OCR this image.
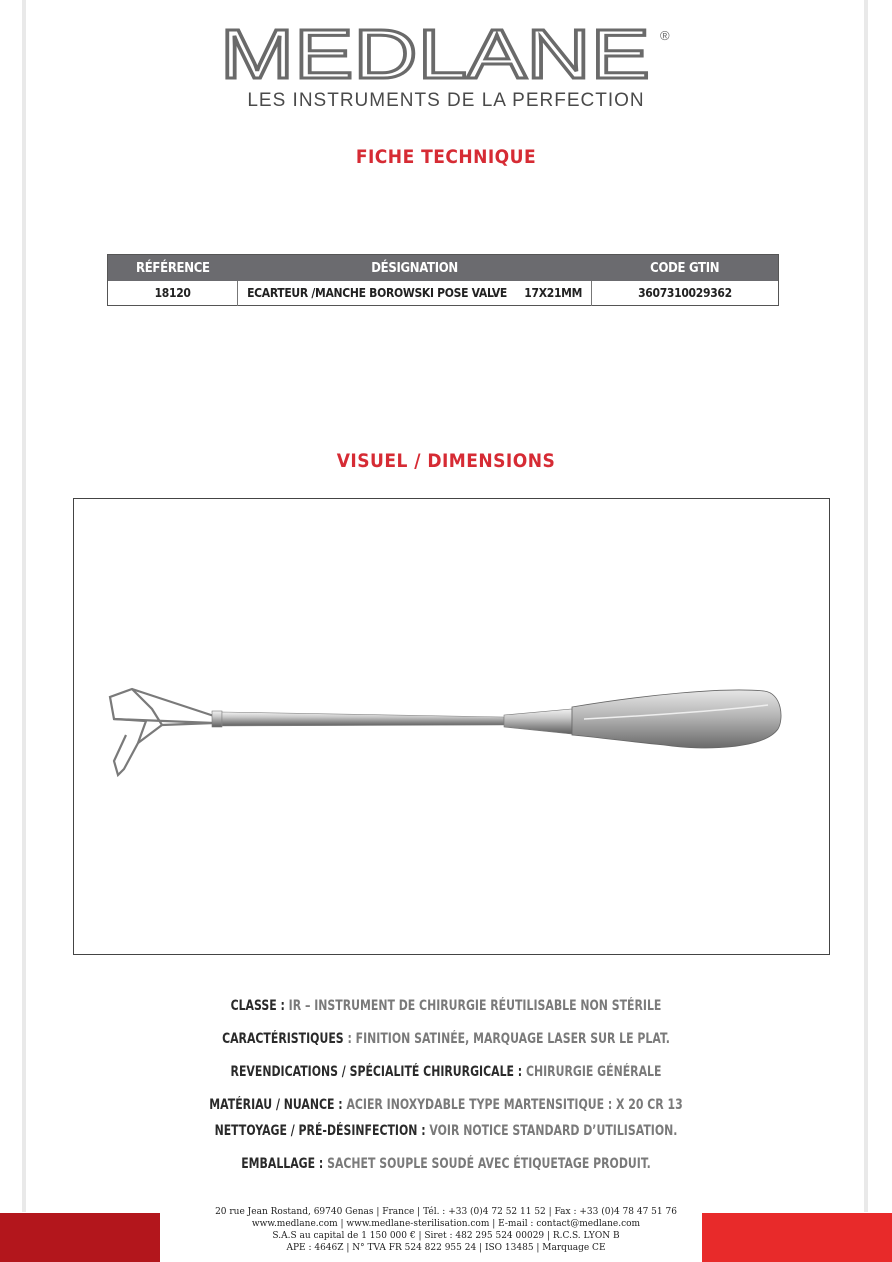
MEDLANE ®
LES INSTRUMENTS DE LA PERFECTION
FICHE TECHNIQUE
RÉFÉRENCE	DÉSIGNATION	CODE GTIN
18120	ECARTEUR /MANCHE BOROWSKI POSE VALVE 17X21MM	3607310029362
VISUEL / DIMENSIONS
CLASSE : IR – INSTRUMENT DE CHIRURGIE RÉUTILISABLE NON STÉRILE
CARACTÉRISTIQUES : FINITION SATINÉE, MARQUAGE LASER SUR LE PLAT.
REVENDICATIONS / SPÉCIALITÉ CHIRURGICALE : CHIRURGIE GÉNÉRALE
MATÉRIAU / NUANCE : ACIER INOXYDABLE TYPE MARTENSITIQUE : X 20 CR 13
NETTOYAGE / PRÉ-DÉSINFECTION : VOIR NOTICE STANDARD D’UTILISATION.
EMBALLAGE : SACHET SOUPLE SOUDÉ AVEC ÉTIQUETAGE PRODUIT.
20 rue Jean Rostand, 69740 Genas | France | Tél. : +33 (0)4 72 52 11 52 | Fax : +33 (0)4 78 47 51 76
www.medlane.com | www.medlane-sterilisation.com | E-mail : contact@medlane.com
S.A.S au capital de 1 150 000 € | Siret : 482 295 524 00029 | R.C.S. LYON B
APE : 4646Z | N° TVA FR 524 822 955 24 | ISO 13485 | Marquage CE
